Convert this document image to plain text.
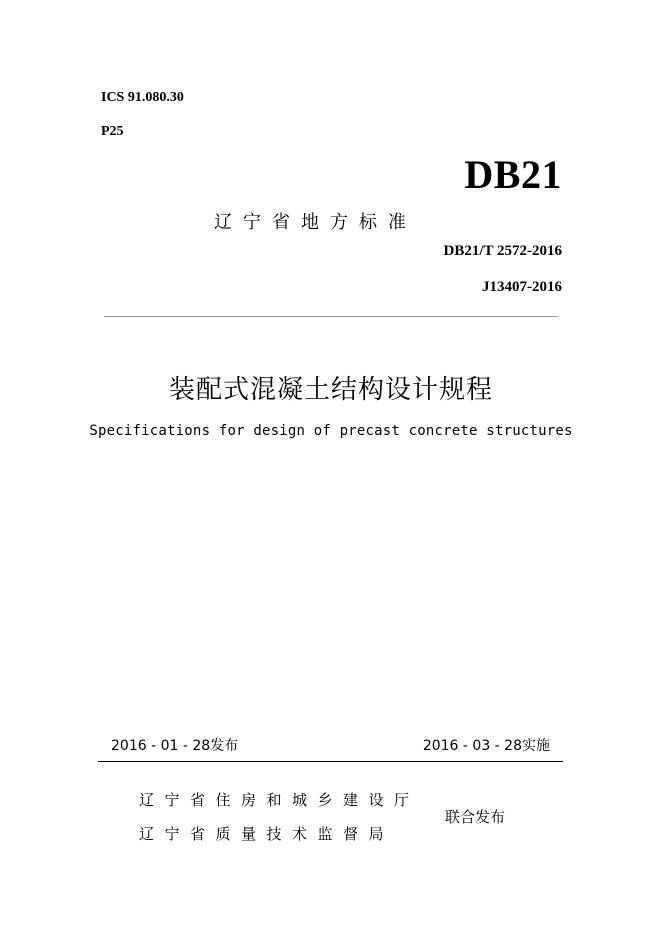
ICS 91.080.30
P25
DB21
辽宁省地方标准
DB21/T 2572-2016
J13407-2016
装配式混凝土结构设计规程
Specifications for design of precast concrete structures
2016 - 01 - 28发布	2016 - 03 - 28实施
辽宁省住房和城乡建设厅
辽宁省质量技术监督局
联合发布
